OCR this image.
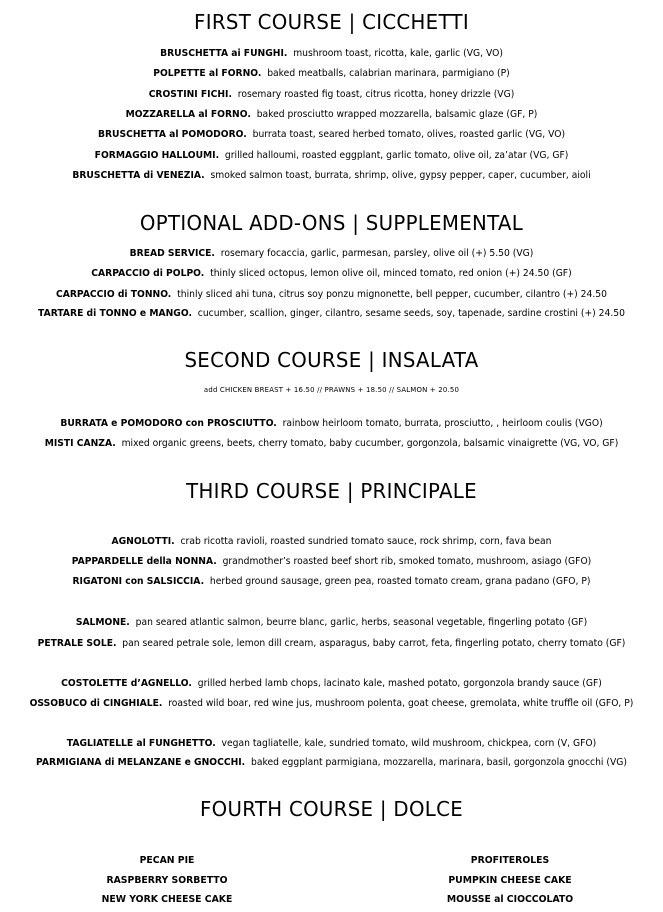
FIRST COURSE | CICCHETTI
BRUSCHETTA ai FUNGHI. mushroom toast, ricotta, kale, garlic (VG, VO)
POLPETTE al FORNO. baked meatballs, calabrian marinara, parmigiano (P)
CROSTINI FICHI. rosemary roasted fig toast, citrus ricotta, honey drizzle (VG)
MOZZARELLA al FORNO. baked prosciutto wrapped mozzarella, balsamic glaze (GF, P)
BRUSCHETTA al POMODORO. burrata toast, seared herbed tomato, olives, roasted garlic (VG, VO)
FORMAGGIO HALLOUMI. grilled halloumi, roasted eggplant, garlic tomato, olive oil, za’atar (VG, GF)
BRUSCHETTA di VENEZIA. smoked salmon toast, burrata, shrimp, olive, gypsy pepper, caper, cucumber, aioli
OPTIONAL ADD-ONS | SUPPLEMENTAL
BREAD SERVICE. rosemary focaccia, garlic, parmesan, parsley, olive oil (+) 5.50 (VG)
CARPACCIO di POLPO. thinly sliced octopus, lemon olive oil, minced tomato, red onion (+) 24.50 (GF)
CARPACCIO di TONNO. thinly sliced ahi tuna, citrus soy ponzu mignonette, bell pepper, cucumber, cilantro (+) 24.50
TARTARE di TONNO e MANGO. cucumber, scallion, ginger, cilantro, sesame seeds, soy, tapenade, sardine crostini (+) 24.50
SECOND COURSE | INSALATA
add CHICKEN BREAST + 16.50 // PRAWNS + 18.50 // SALMON + 20.50
BURRATA e POMODORO con PROSCIUTTO. rainbow heirloom tomato, burrata, prosciutto, , heirloom coulis (VGO)
MISTI CANZA. mixed organic greens, beets, cherry tomato, baby cucumber, gorgonzola, balsamic vinaigrette (VG, VO, GF)
THIRD COURSE | PRINCIPALE
AGNOLOTTI. crab ricotta ravioli, roasted sundried tomato sauce, rock shrimp, corn, fava bean
PAPPARDELLE della NONNA. grandmother’s roasted beef short rib, smoked tomato, mushroom, asiago (GFO)
RIGATONI con SALSICCIA. herbed ground sausage, green pea, roasted tomato cream, grana padano (GFO, P)
SALMONE. pan seared atlantic salmon, beurre blanc, garlic, herbs, seasonal vegetable, fingerling potato (GF)
PETRALE SOLE. pan seared petrale sole, lemon dill cream, asparagus, baby carrot, feta, fingerling potato, cherry tomato (GF)
COSTOLETTE d’AGNELLO. grilled herbed lamb chops, lacinato kale, mashed potato, gorgonzola brandy sauce (GF)
OSSOBUCO di CINGHIALE. roasted wild boar, red wine jus, mushroom polenta, goat cheese, gremolata, white truffle oil (GFO, P)
TAGLIATELLE al FUNGHETTO. vegan tagliatelle, kale, sundried tomato, wild mushroom, chickpea, corn (V, GFO)
PARMIGIANA di MELANZANE e GNOCCHI. baked eggplant parmigiana, mozzarella, marinara, basil, gorgonzola gnocchi (VG)
FOURTH COURSE | DOLCE
PECAN PIE
RASPBERRY SORBETTO
NEW YORK CHEESE CAKE
PROFITEROLES
PUMPKIN CHEESE CAKE
MOUSSE al CIOCCOLATO
